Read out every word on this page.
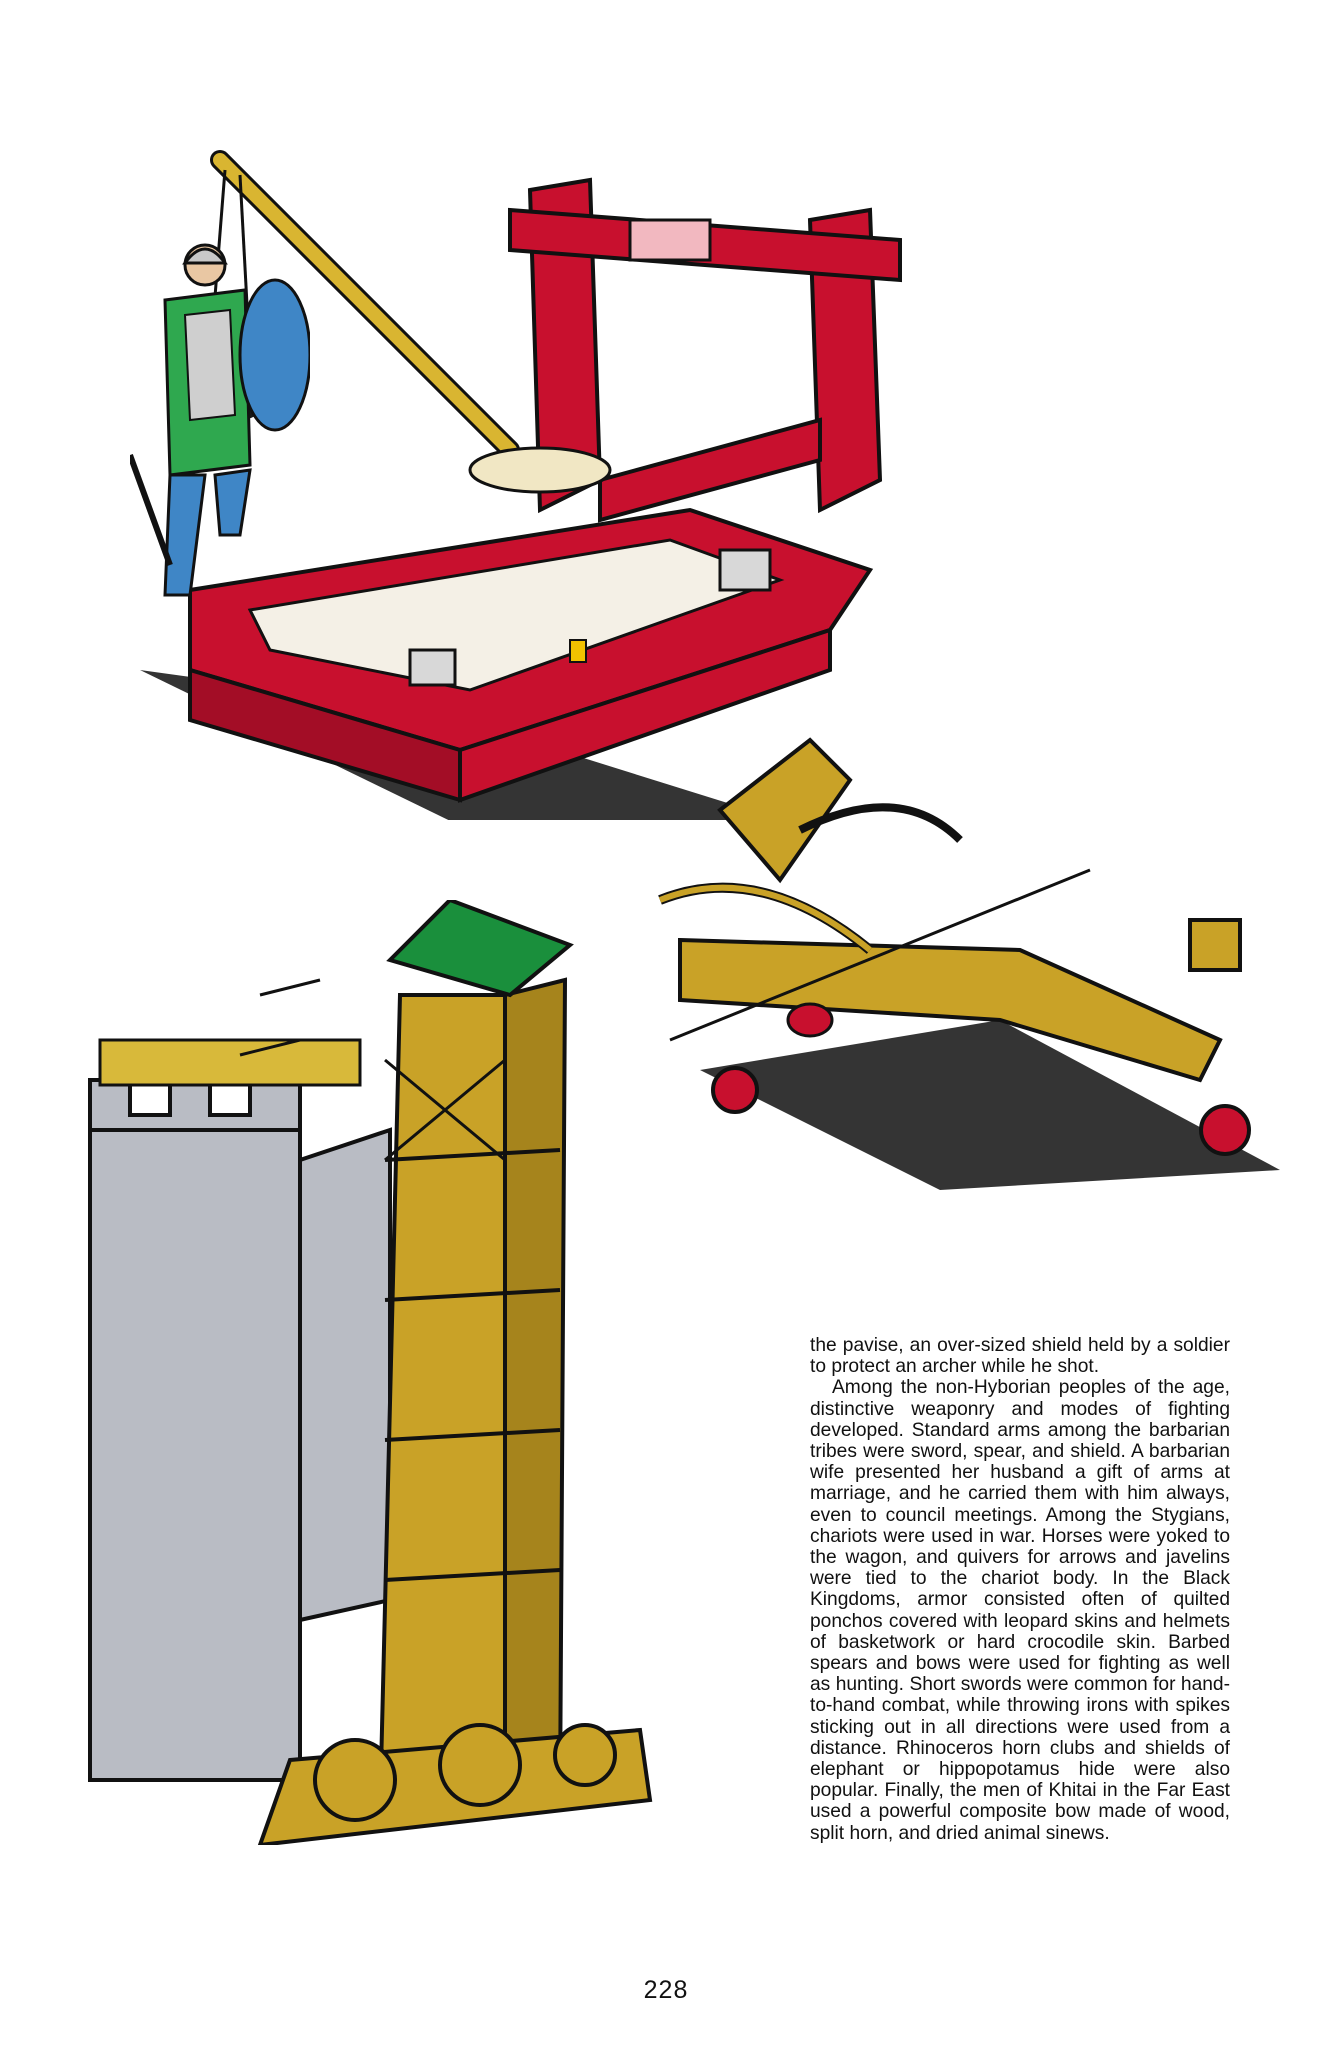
the pavise, an over-sized shield held by a soldier to protect an archer while he shot.

Among the non-Hyborian peoples of the age, distinctive weaponry and modes of fighting developed. Standard arms among the barbarian tribes were sword, spear, and shield. A barbarian wife presented her husband a gift of arms at marriage, and he carried them with him always, even to council meetings. Among the Stygians, chariots were used in war. Horses were yoked to the wagon, and quivers for arrows and javelins were tied to the chariot body. In the Black Kingdoms, armor consisted often of quilted ponchos covered with leopard skins and helmets of basketwork or hard crocodile skin. Barbed spears and bows were used for fighting as well as hunting. Short swords were common for hand-to-hand combat, while throwing irons with spikes sticking out in all directions were used from a distance. Rhinoceros horn clubs and shields of elephant or hippopotamus hide were also popular. Finally, the men of Khitai in the Far East used a powerful composite bow made of wood, split horn, and dried animal sinews.

228
